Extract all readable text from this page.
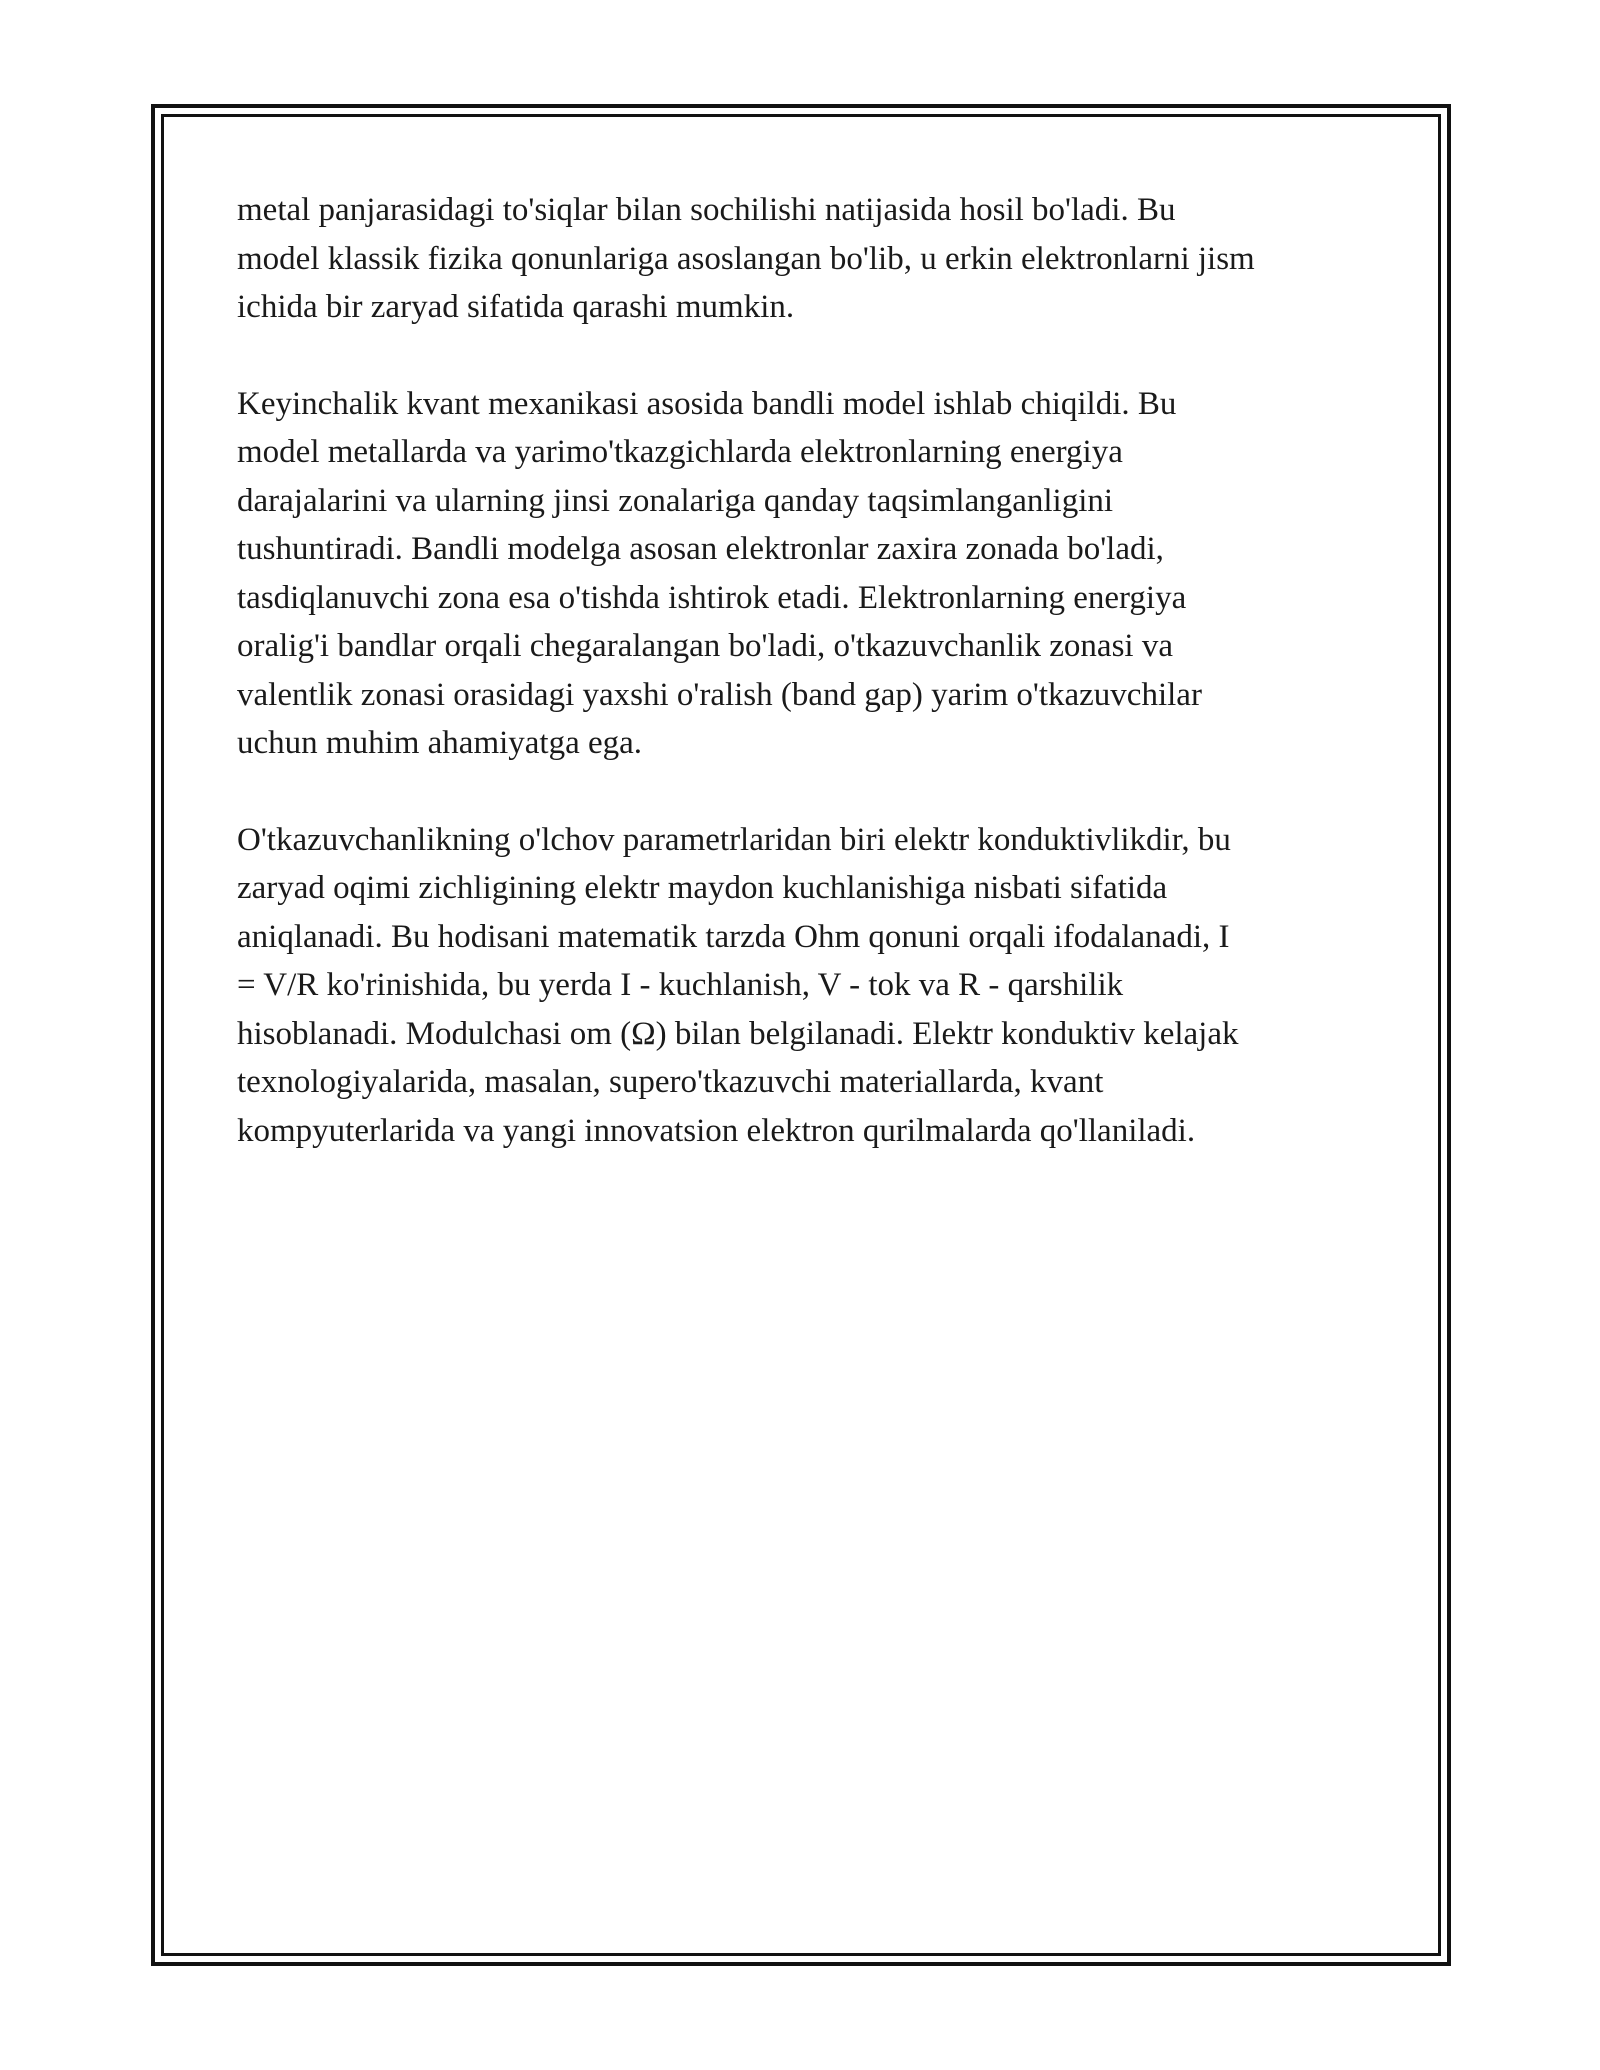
metal panjarasidagi to'siqlar bilan sochilishi natijasida hosil bo'ladi. Bu
model klassik fizika qonunlariga asoslangan bo'lib, u erkin elektronlarni jism
ichida bir zaryad sifatida qarashi mumkin.

Keyinchalik kvant mexanikasi asosida bandli model ishlab chiqildi. Bu
model metallarda va yarimo'tkazgichlarda elektronlarning energiya
darajalarini va ularning jinsi zonalariga qanday taqsimlanganligini
tushuntiradi. Bandli modelga asosan elektronlar zaxira zonada bo'ladi,
tasdiqlanuvchi zona esa o'tishda ishtirok etadi. Elektronlarning energiya
oralig'i bandlar orqali chegaralangan bo'ladi, o'tkazuvchanlik zonasi va
valentlik zonasi orasidagi yaxshi o'ralish (band gap) yarim o'tkazuvchilar
uchun muhim ahamiyatga ega.

O'tkazuvchanlikning o'lchov parametrlaridan biri elektr konduktivlikdir, bu
zaryad oqimi zichligining elektr maydon kuchlanishiga nisbati sifatida
aniqlanadi. Bu hodisani matematik tarzda Ohm qonuni orqali ifodalanadi, I
= V/R ko'rinishida, bu yerda I - kuchlanish, V - tok va R - qarshilik
hisoblanadi. Modulchasi om (Ω) bilan belgilanadi. Elektr konduktiv kelajak
texnologiyalarida, masalan, supero'tkazuvchi materiallarda, kvant
kompyuterlarida va yangi innovatsion elektron qurilmalarda qo'llaniladi.
